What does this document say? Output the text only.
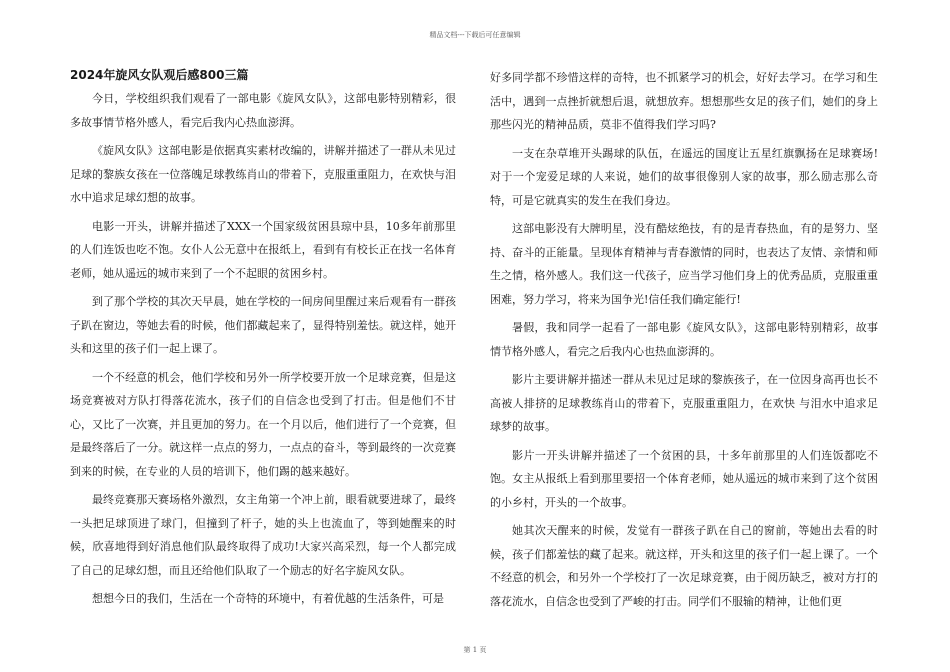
精品文档---下载后可任意编辑
2024年旋风女队观后感800三篇

今日，学校组织我们观看了一部电影《旋风女队》，这部电影特别精彩，很多故事情节格外感人，看完后我内心热血澎湃。

《旋风女队》这部电影是依据真实素材改编的，讲解并描述了一群从未见过足球的黎族女孩在一位落魄足球教练肖山的带着下，克服重重阻力，在欢快与泪水中追求足球幻想的故事。

电影一开头，讲解并描述了XXX一个国家级贫困县琼中县，10多年前那里的人们连饭也吃不饱。女仆人公无意中在报纸上，看到有有校长正在找一名体育老师，她从遥远的城市来到了一个不起眼的贫困乡村。

到了那个学校的其次天早晨，她在学校的一间房间里醒过来后观看有一群孩子趴在窗边，等她去看的时候，他们都藏起来了，显得特别羞怯。就这样，她开头和这里的孩子们一起上课了。

一个不经意的机会，他们学校和另外一所学校要开放一个足球竞赛，但是这场竞赛被对方队打得落花流水，孩子们的自信念也受到了打击。但是他们不甘心，又比了一次赛，并且更加的努力。在一个月以后，他们进行了一个竞赛，但是最终落后了一分。就这样一点点的努力，一点点的奋斗，等到最终的一次竞赛到来的时候，在专业的人员的培训下，他们踢的越来越好。

最终竞赛那天赛场格外激烈，女主角第一个冲上前，眼看就要进球了，最终一头把足球顶进了球门，但撞到了杆子，她的头上也流血了，等到她醒来的时候，欣喜地得到好消息他们队最终取得了成功!大家兴高采烈，每一个人都完成了自己的足球幻想，而且还给他们队取了一个励志的好名字旋风女队。

想想今日的我们，生活在一个奇特的环境中，有着优越的生活条件，可是

好多同学都不珍惜这样的奇特，也不抓紧学习的机会，好好去学习。在学习和生活中，遇到一点挫折就想后退，就想放弃。想想那些女足的孩子们，她们的身上那些闪光的精神品质，莫非不值得我们学习吗?

一支在杂草堆开头踢球的队伍，在遥远的国度让五星红旗飘扬在足球赛场!对于一个宠爱足球的人来说，她们的故事很像别人家的故事，那么励志那么奇特，可是它就真实的发生在我们身边。

这部电影没有大牌明星，没有酷炫绝技，有的是青春热血，有的是努力、坚持、奋斗的正能量。呈现体育精神与青春激情的同时，也表达了友情、亲情和师生之情，格外感人。我们这一代孩子，应当学习他们身上的优秀品质，克服重重困难，努力学习，将来为国争光!信任我们确定能行!

暑假，我和同学一起看了一部电影《旋风女队》，这部电影特别精彩，故事情节格外感人，看完之后我内心也热血澎湃的。

影片主要讲解并描述一群从未见过足球的黎族孩子，在一位因身高再也长不高被人排挤的足球教练肖山的带着下，克服重重阻力，在欢快 与泪水中追求足球梦的故事。

影片一开头讲解并描述了一个贫困的县，十多年前那里的人们连饭都吃不饱。女主从报纸上看到那里要招一个体育老师，她从遥远的城市来到了这个贫困的小乡村，开头的一个故事。

她其次天醒来的时候，发觉有一群孩子趴在自己的窗前，等她出去看的时候，孩子们都羞怯的藏了起来。就这样，开头和这里的孩子们一起上课了。一个不经意的机会，和另外一个学校打了一次足球竞赛，由于阅历缺乏，被对方打的落花流水，自信念也受到了严峻的打击。同学们不服输的精神，让他们更

第 1 页
